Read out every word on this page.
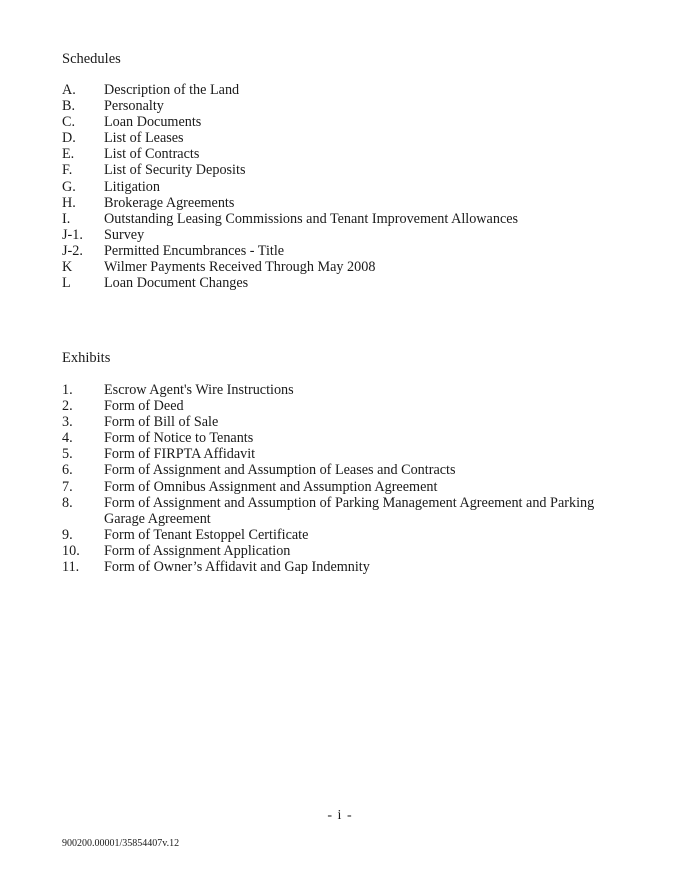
Schedules
A.	Description of the Land
B.	Personalty
C.	Loan Documents
D.	List of Leases
E.	List of Contracts
F.	List of Security Deposits
G.	Litigation
H.	Brokerage Agreements
I.	Outstanding Leasing Commissions and Tenant Improvement Allowances
J-1.	Survey
J-2.	Permitted Encumbrances - Title
K	Wilmer Payments Received Through May 2008
L	Loan Document Changes
Exhibits
1.	Escrow Agent's Wire Instructions
2.	Form of Deed
3.	Form of Bill of Sale
4.	Form of Notice to Tenants
5.	Form of FIRPTA Affidavit
6.	Form of Assignment and Assumption of Leases and Contracts
7.	Form of Omnibus Assignment and Assumption Agreement
8.	Form of Assignment and Assumption of Parking Management Agreement and Parking Garage Agreement
9.	Form of Tenant Estoppel Certificate
10.	Form of Assignment Application
11.	Form of Owner’s Affidavit and Gap Indemnity
- i -
900200.00001/35854407v.12
